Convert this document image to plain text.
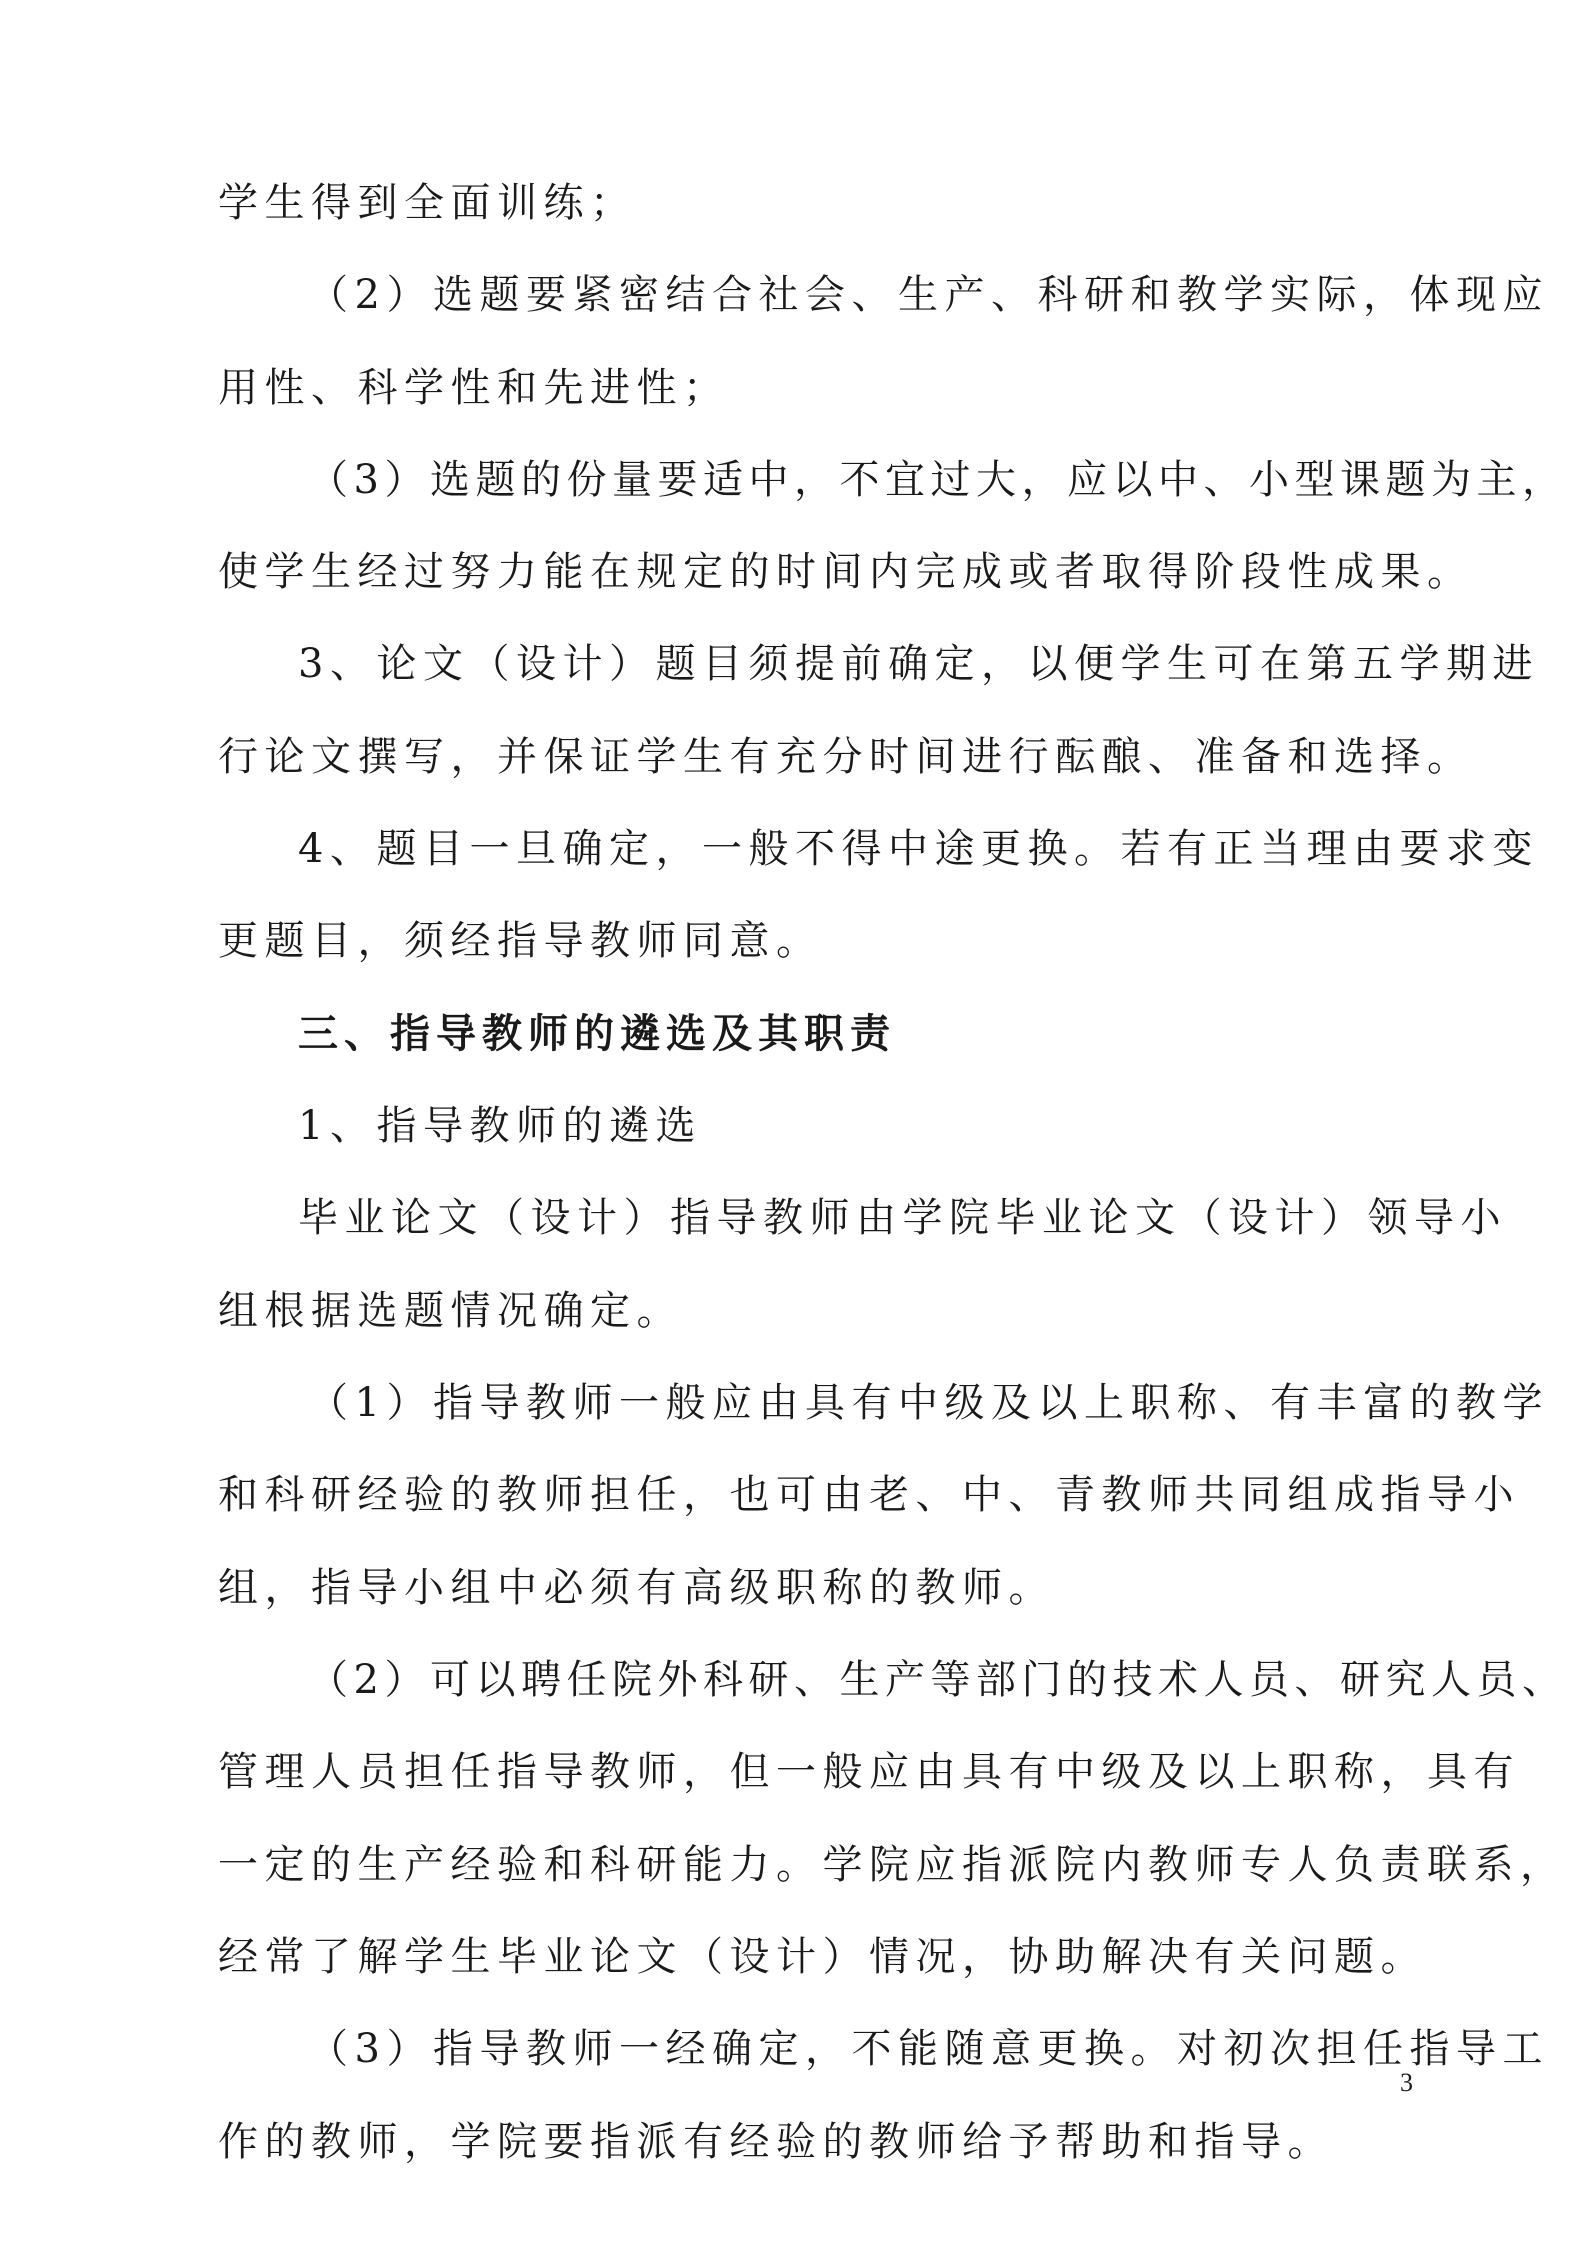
学生得到全面训练；
（2）选题要紧密结合社会、生产、科研和教学实际，体现应
用性、科学性和先进性；
（3）选题的份量要适中，不宜过大，应以中、小型课题为主，
使学生经过努力能在规定的时间内完成或者取得阶段性成果。
3、论文（设计）题目须提前确定，以便学生可在第五学期进
行论文撰写，并保证学生有充分时间进行酝酿、准备和选择。
4、题目一旦确定，一般不得中途更换。若有正当理由要求变
更题目，须经指导教师同意。
三、指导教师的遴选及其职责
1、指导教师的遴选
毕业论文（设计）指导教师由学院毕业论文（设计）领导小
组根据选题情况确定。
（1）指导教师一般应由具有中级及以上职称、有丰富的教学
和科研经验的教师担任，也可由老、中、青教师共同组成指导小
组，指导小组中必须有高级职称的教师。
（2）可以聘任院外科研、生产等部门的技术人员、研究人员、
管理人员担任指导教师，但一般应由具有中级及以上职称，具有
一定的生产经验和科研能力。学院应指派院内教师专人负责联系，
经常了解学生毕业论文（设计）情况，协助解决有关问题。
（3）指导教师一经确定，不能随意更换。对初次担任指导工
作的教师，学院要指派有经验的教师给予帮助和指导。
3
